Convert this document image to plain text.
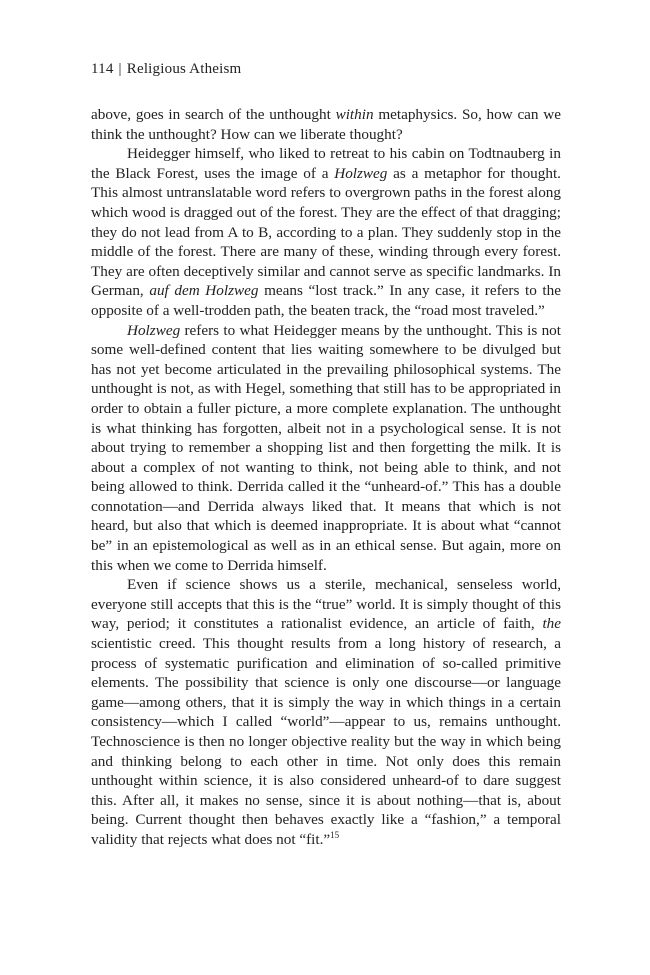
114 | Religious Atheism

above, goes in search of the unthought within metaphysics. So, how can we think the unthought? How can we liberate thought?

Heidegger himself, who liked to retreat to his cabin on Todtnauberg in the Black Forest, uses the image of a Holzweg as a metaphor for thought. This almost untranslatable word refers to overgrown paths in the forest along which wood is dragged out of the forest. They are the effect of that dragging; they do not lead from A to B, according to a plan. They suddenly stop in the middle of the forest. There are many of these, winding through every forest. They are often deceptively similar and cannot serve as specific landmarks. In German, auf dem Holzweg means “lost track.” In any case, it refers to the opposite of a well-trodden path, the beaten track, the “road most traveled.”

Holzweg refers to what Heidegger means by the unthought. This is not some well-defined content that lies waiting somewhere to be divulged but has not yet become articulated in the prevailing philosophical systems. The unthought is not, as with Hegel, something that still has to be appropriated in order to obtain a fuller picture, a more complete explanation. The unthought is what thinking has forgotten, albeit not in a psychological sense. It is not about trying to remember a shopping list and then forgetting the milk. It is about a complex of not wanting to think, not being able to think, and not being allowed to think. Derrida called it the “unheard-of.” This has a double connotation—and Derrida always liked that. It means that which is not heard, but also that which is deemed inappropriate. It is about what “cannot be” in an epistemological as well as in an ethical sense. But again, more on this when we come to Derrida himself.

Even if science shows us a sterile, mechanical, senseless world, everyone still accepts that this is the “true” world. It is simply thought of this way, period; it constitutes a rationalist evidence, an article of faith, the scientistic creed. This thought results from a long history of research, a process of systematic purification and elimination of so-called primitive elements. The possibility that science is only one discourse—or language game—among others, that it is simply the way in which things in a certain consistency—which I called “world”—appear to us, remains unthought. Technoscience is then no longer objective reality but the way in which being and thinking belong to each other in time. Not only does this remain unthought within science, it is also considered unheard-of to dare suggest this. After all, it makes no sense, since it is about nothing—that is, about being. Current thought then behaves exactly like a “fashion,” a temporal validity that rejects what does not “fit.”$^{15}$
